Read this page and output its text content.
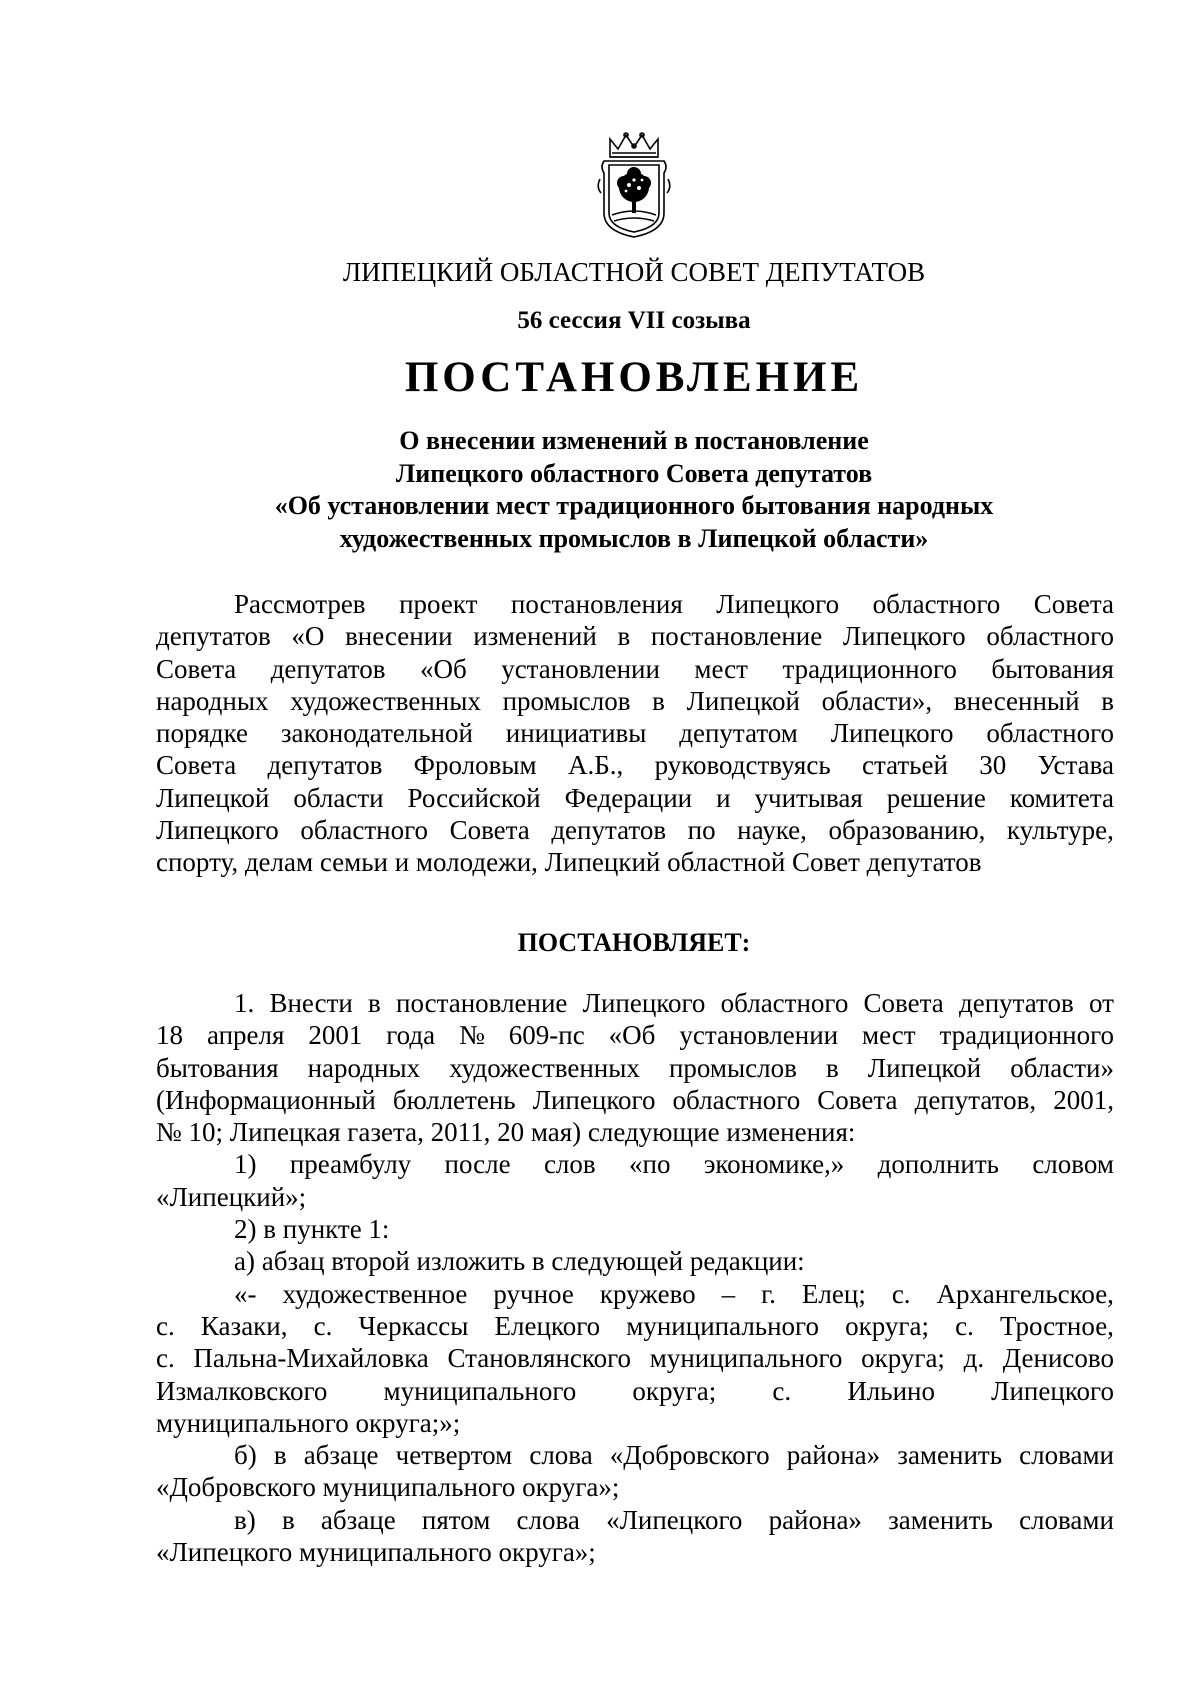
ЛИПЕЦКИЙ ОБЛАСТНОЙ СОВЕТ ДЕПУТАТОВ
56 сессия VII созыва
ПОСТАНОВЛЕНИЕ
О внесении изменений в постановление
Липецкого областного Совета депутатов
«Об установлении мест традиционного бытования народных
художественных промыслов в Липецкой области»
Рассмотрев проект постановления Липецкого областного Совета
депутатов «О внесении изменений в постановление Липецкого областного
Совета депутатов «Об установлении мест традиционного бытования
народных художественных промыслов в Липецкой области», внесенный в
порядке законодательной инициативы депутатом Липецкого областного
Совета депутатов Фроловым А.Б., руководствуясь статьей 30 Устава
Липецкой области Российской Федерации и учитывая решение комитета
Липецкого областного Совета депутатов по науке, образованию, культуре,
спорту, делам семьи и молодежи, Липецкий областной Совет депутатов
ПОСТАНОВЛЯЕТ:
1. Внести в постановление Липецкого областного Совета депутатов от
18 апреля 2001 года № 609-пс «Об установлении мест традиционного
бытования народных художественных промыслов в Липецкой области»
(Информационный бюллетень Липецкого областного Совета депутатов, 2001,
№ 10; Липецкая газета, 2011, 20 мая) следующие изменения:
1) преамбулу после слов «по экономике,» дополнить словом
«Липецкий»;
2) в пункте 1:
а) абзац второй изложить в следующей редакции:
«- художественное ручное кружево – г. Елец; с. Архангельское,
с. Казаки, с. Черкассы Елецкого муниципального округа; с. Тростное,
с. Пальна-Михайловка Становлянского муниципального округа; д. Денисово
Измалковского муниципального округа; с. Ильино Липецкого
муниципального округа;»;
б) в абзаце четвертом слова «Добровского района» заменить словами
«Добровского муниципального округа»;
в) в абзаце пятом слова «Липецкого района» заменить словами
«Липецкого муниципального округа»;
